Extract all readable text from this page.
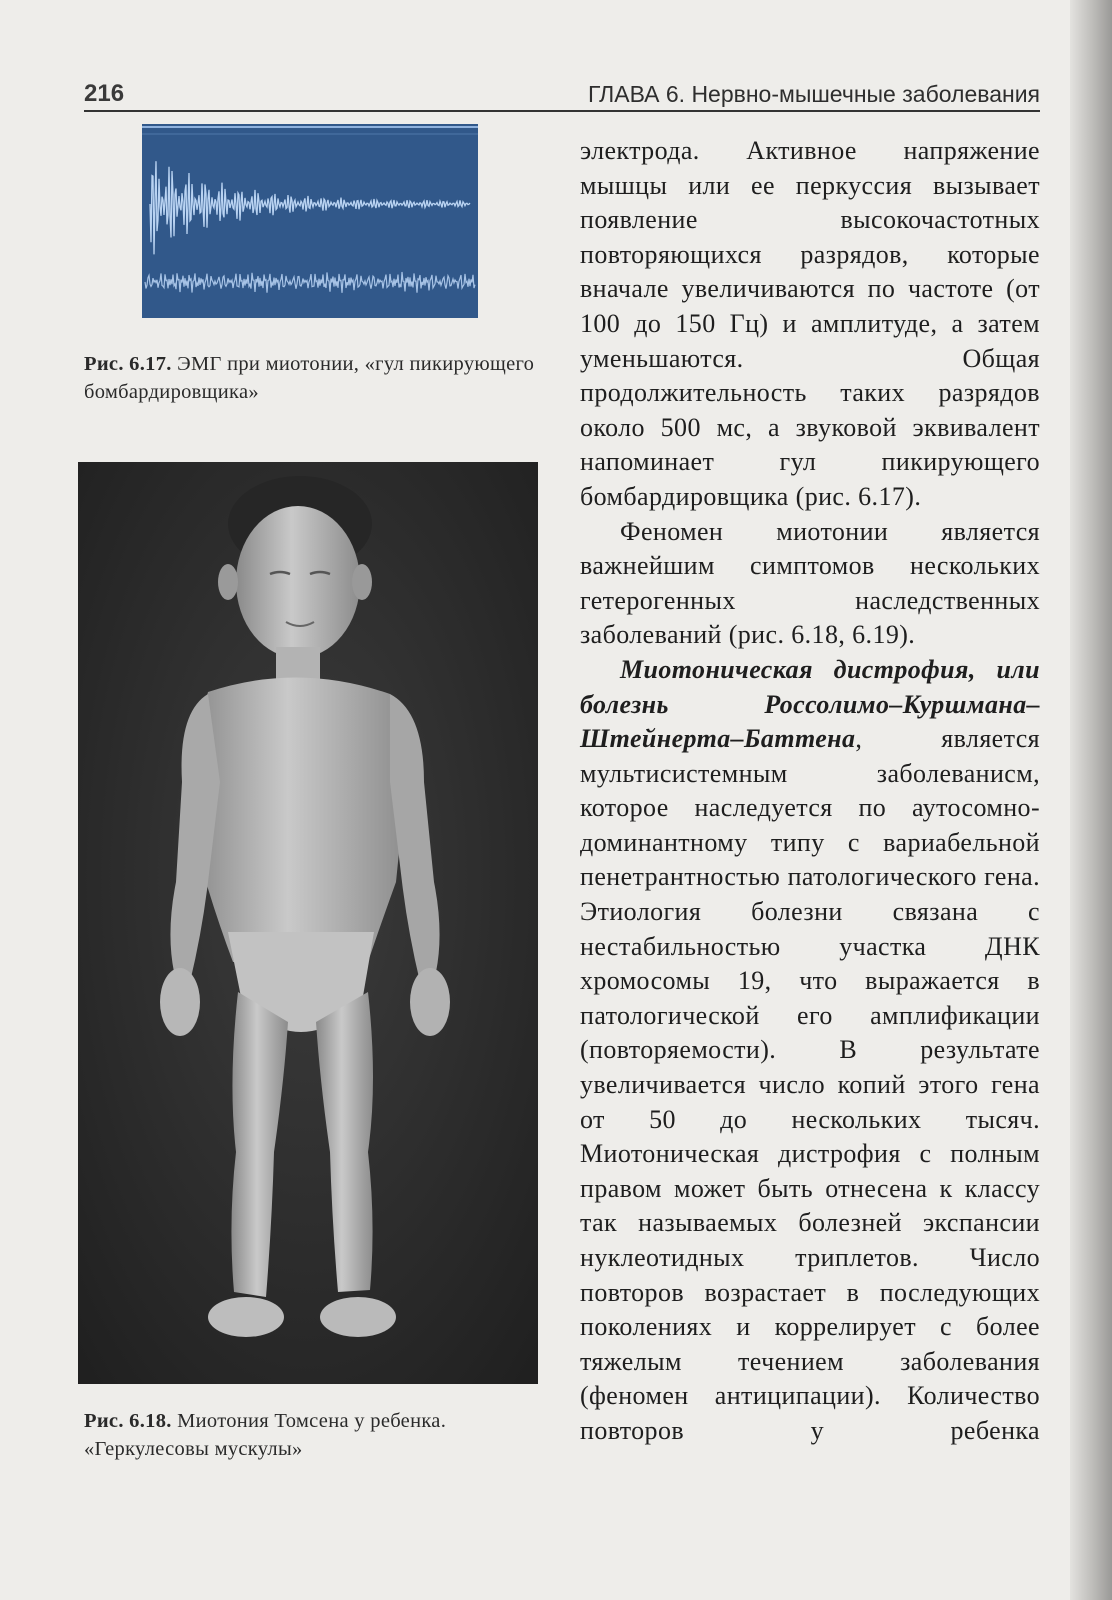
216	ГЛАВА 6. Нервно-мышечные заболевания
Рис. 6.17. ЭМГ при миотонии, «гул пикирующего бомбардировщика»
Рис. 6.18. Миотония Томсена у ребенка. «Геркулесовы мускулы»

электрода. Активное напряжение мышцы или ее перкуссия вызывает появление высокочастотных повторяющихся разрядов, которые вначале увеличиваются по частоте (от 100 до 150 Гц) и амплитуде, а затем уменьшаются. Общая продолжительность таких разрядов около 500 мс, а звуковой эквивалент напоминает гул пикирующего бомбардировщика (рис. 6.17).

Феномен миотонии является важнейшим симптомов нескольких гетерогенных наследственных заболеваний (рис. 6.18, 6.19).

Миотоническая дистрофия, или болезнь Россолимо–Куршмана–Штейнерта–Баттена, является мультисистемным заболеванисм, которое наследуется по аутосомно-доминантному типу с вариабельной пенетрантностью патологического гена. Этиология болезни связана с нестабильностью участка ДНК хромосомы 19, что выражается в патологической его амплификации (повторяемости). В результате увеличивается число копий этого гена от 50 до нескольких тысяч. Миотоническая дистрофия с полным правом может быть отнесена к классу так называемых болезней экспансии нуклеотидных триплетов. Число повторов возрастает в последующих поколениях и коррелирует с более тяжелым течением заболевания (феномен антиципации). Количество повторов у ребенка
